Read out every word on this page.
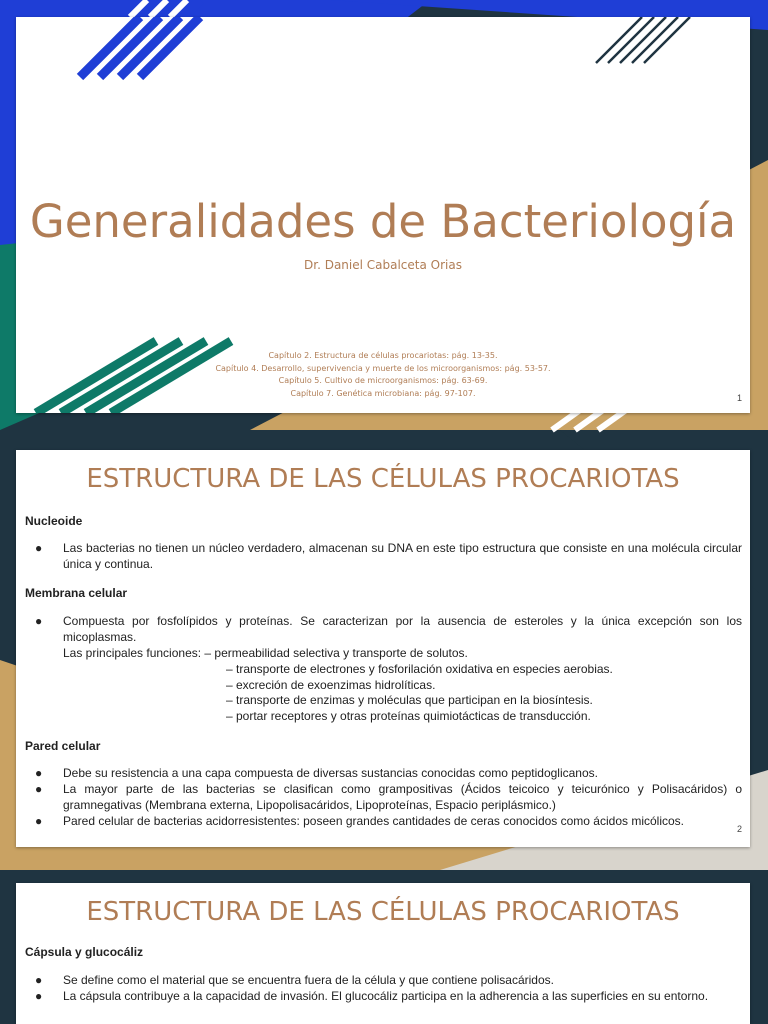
Generalidades de Bacteriología

Dr. Daniel Cabalceta Orias

Capítulo 2. Estructura de células procariotas: pág. 13-35.
Capítulo 4. Desarrollo, supervivencia y muerte de los microorganismos: pág. 53-57.
Capítulo 5. Cultivo de microorganismos: pág. 63-69.
Capítulo 7. Genética microbiana: pág. 97-107.	1
ESTRUCTURA DE LAS CÉLULAS PROCARIOTAS

Nucleoide

● Las bacterias no tienen un núcleo verdadero, almacenan su DNA en este tipo estructura que consiste en una molécula circular única y continua.

Membrana celular

● Compuesta por fosfolípidos y proteínas. Se caracterizan por la ausencia de esteroles y la única excepción son los micoplasmas.
Las principales funciones: – permeabilidad selectiva y transporte de solutos.
– transporte de electrones y fosforilación oxidativa en especies aerobias.
– excreción de exoenzimas hidrolíticas.
– transporte de enzimas y moléculas que participan en la biosíntesis.
– portar receptores y otras proteínas quimiotácticas de transducción.

Pared celular

● Debe su resistencia a una capa compuesta de diversas sustancias conocidas como peptidoglicanos.
● La mayor parte de las bacterias se clasifican como grampositivas (Ácidos teicoico y teicurónico y Polisacáridos) o gramnegativas (Membrana externa, Lipopolisacáridos, Lipoproteínas, Espacio periplásmico.)
● Pared celular de bacterias acidorresistentes: poseen grandes cantidades de ceras conocidos como ácidos micólicos.
2
ESTRUCTURA DE LAS CÉLULAS PROCARIOTAS

Cápsula y glucocáliz

● Se define como el material que se encuentra fuera de la célula y que contiene polisacáridos.
● La cápsula contribuye a la capacidad de invasión. El glucocáliz participa en la adherencia a las superficies en su entorno.
